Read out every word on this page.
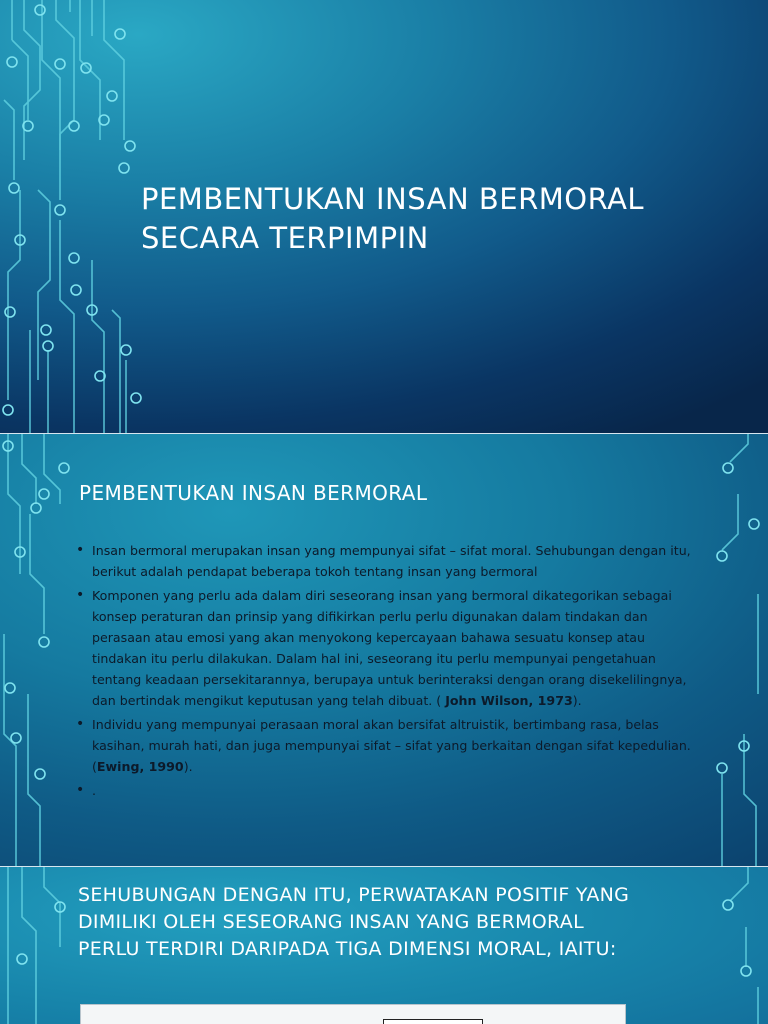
PEMBENTUKAN INSAN BERMORAL
SECARA TERPIMPIN
PEMBENTUKAN INSAN BERMORAL
• Insan bermoral merupakan insan yang mempunyai sifat – sifat moral. Sehubungan dengan itu, berikut adalah pendapat beberapa tokoh tentang insan yang bermoral
• Komponen yang perlu ada dalam diri seseorang insan yang bermoral dikategorikan sebagai konsep peraturan dan prinsip yang difikirkan perlu perlu digunakan dalam tindakan dan perasaan atau emosi yang akan menyokong kepercayaan bahawa sesuatu konsep atau tindakan itu perlu dilakukan. Dalam hal ini, seseorang itu perlu mempunyai pengetahuan tentang keadaan persekitarannya, berupaya untuk berinteraksi dengan orang disekelilingnya, dan bertindak mengikut keputusan yang telah dibuat. ( John Wilson, 1973).
• Individu yang mempunyai perasaan moral akan bersifat altruistik, bertimbang rasa, belas kasihan, murah hati, dan juga mempunyai sifat – sifat yang berkaitan dengan sifat kepedulian. (Ewing, 1990).
• .
SEHUBUNGAN DENGAN ITU, PERWATAKAN POSITIF YANG DIMILIKI OLEH SESEORANG INSAN YANG BERMORAL PERLU TERDIRI DARIPADA TIGA DIMENSI MORAL, IAITU:
